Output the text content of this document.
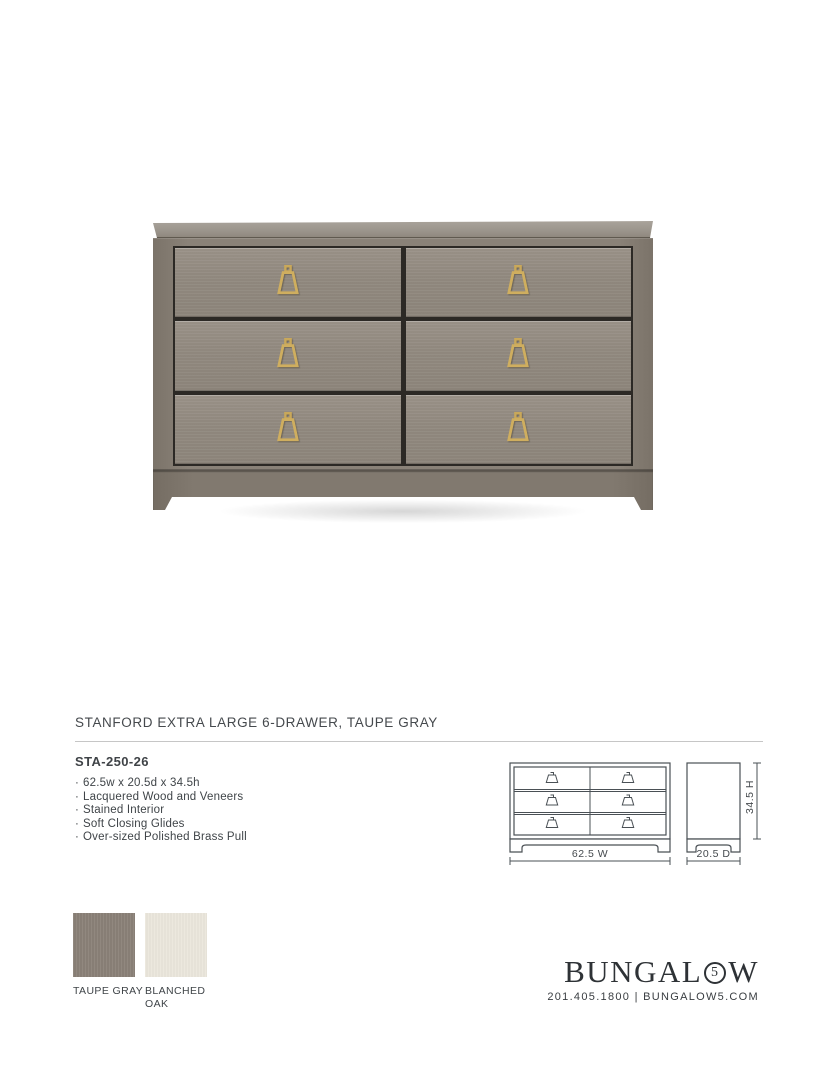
STANFORD EXTRA LARGE 6-DRAWER, TAUPE GRAY
STA-250-26
· 62.5w x 20.5d x 34.5h
· Lacquered Wood and Veneers
· Stained Interior
· Soft Closing Glides
· Over-sized Polished Brass Pull
62.5 W	20.5 D
34.5 H
TAUPE GRAY BLANCHED OAK
BUNGAL 5 W
201.405.1800 | BUNGALOW5.COM
